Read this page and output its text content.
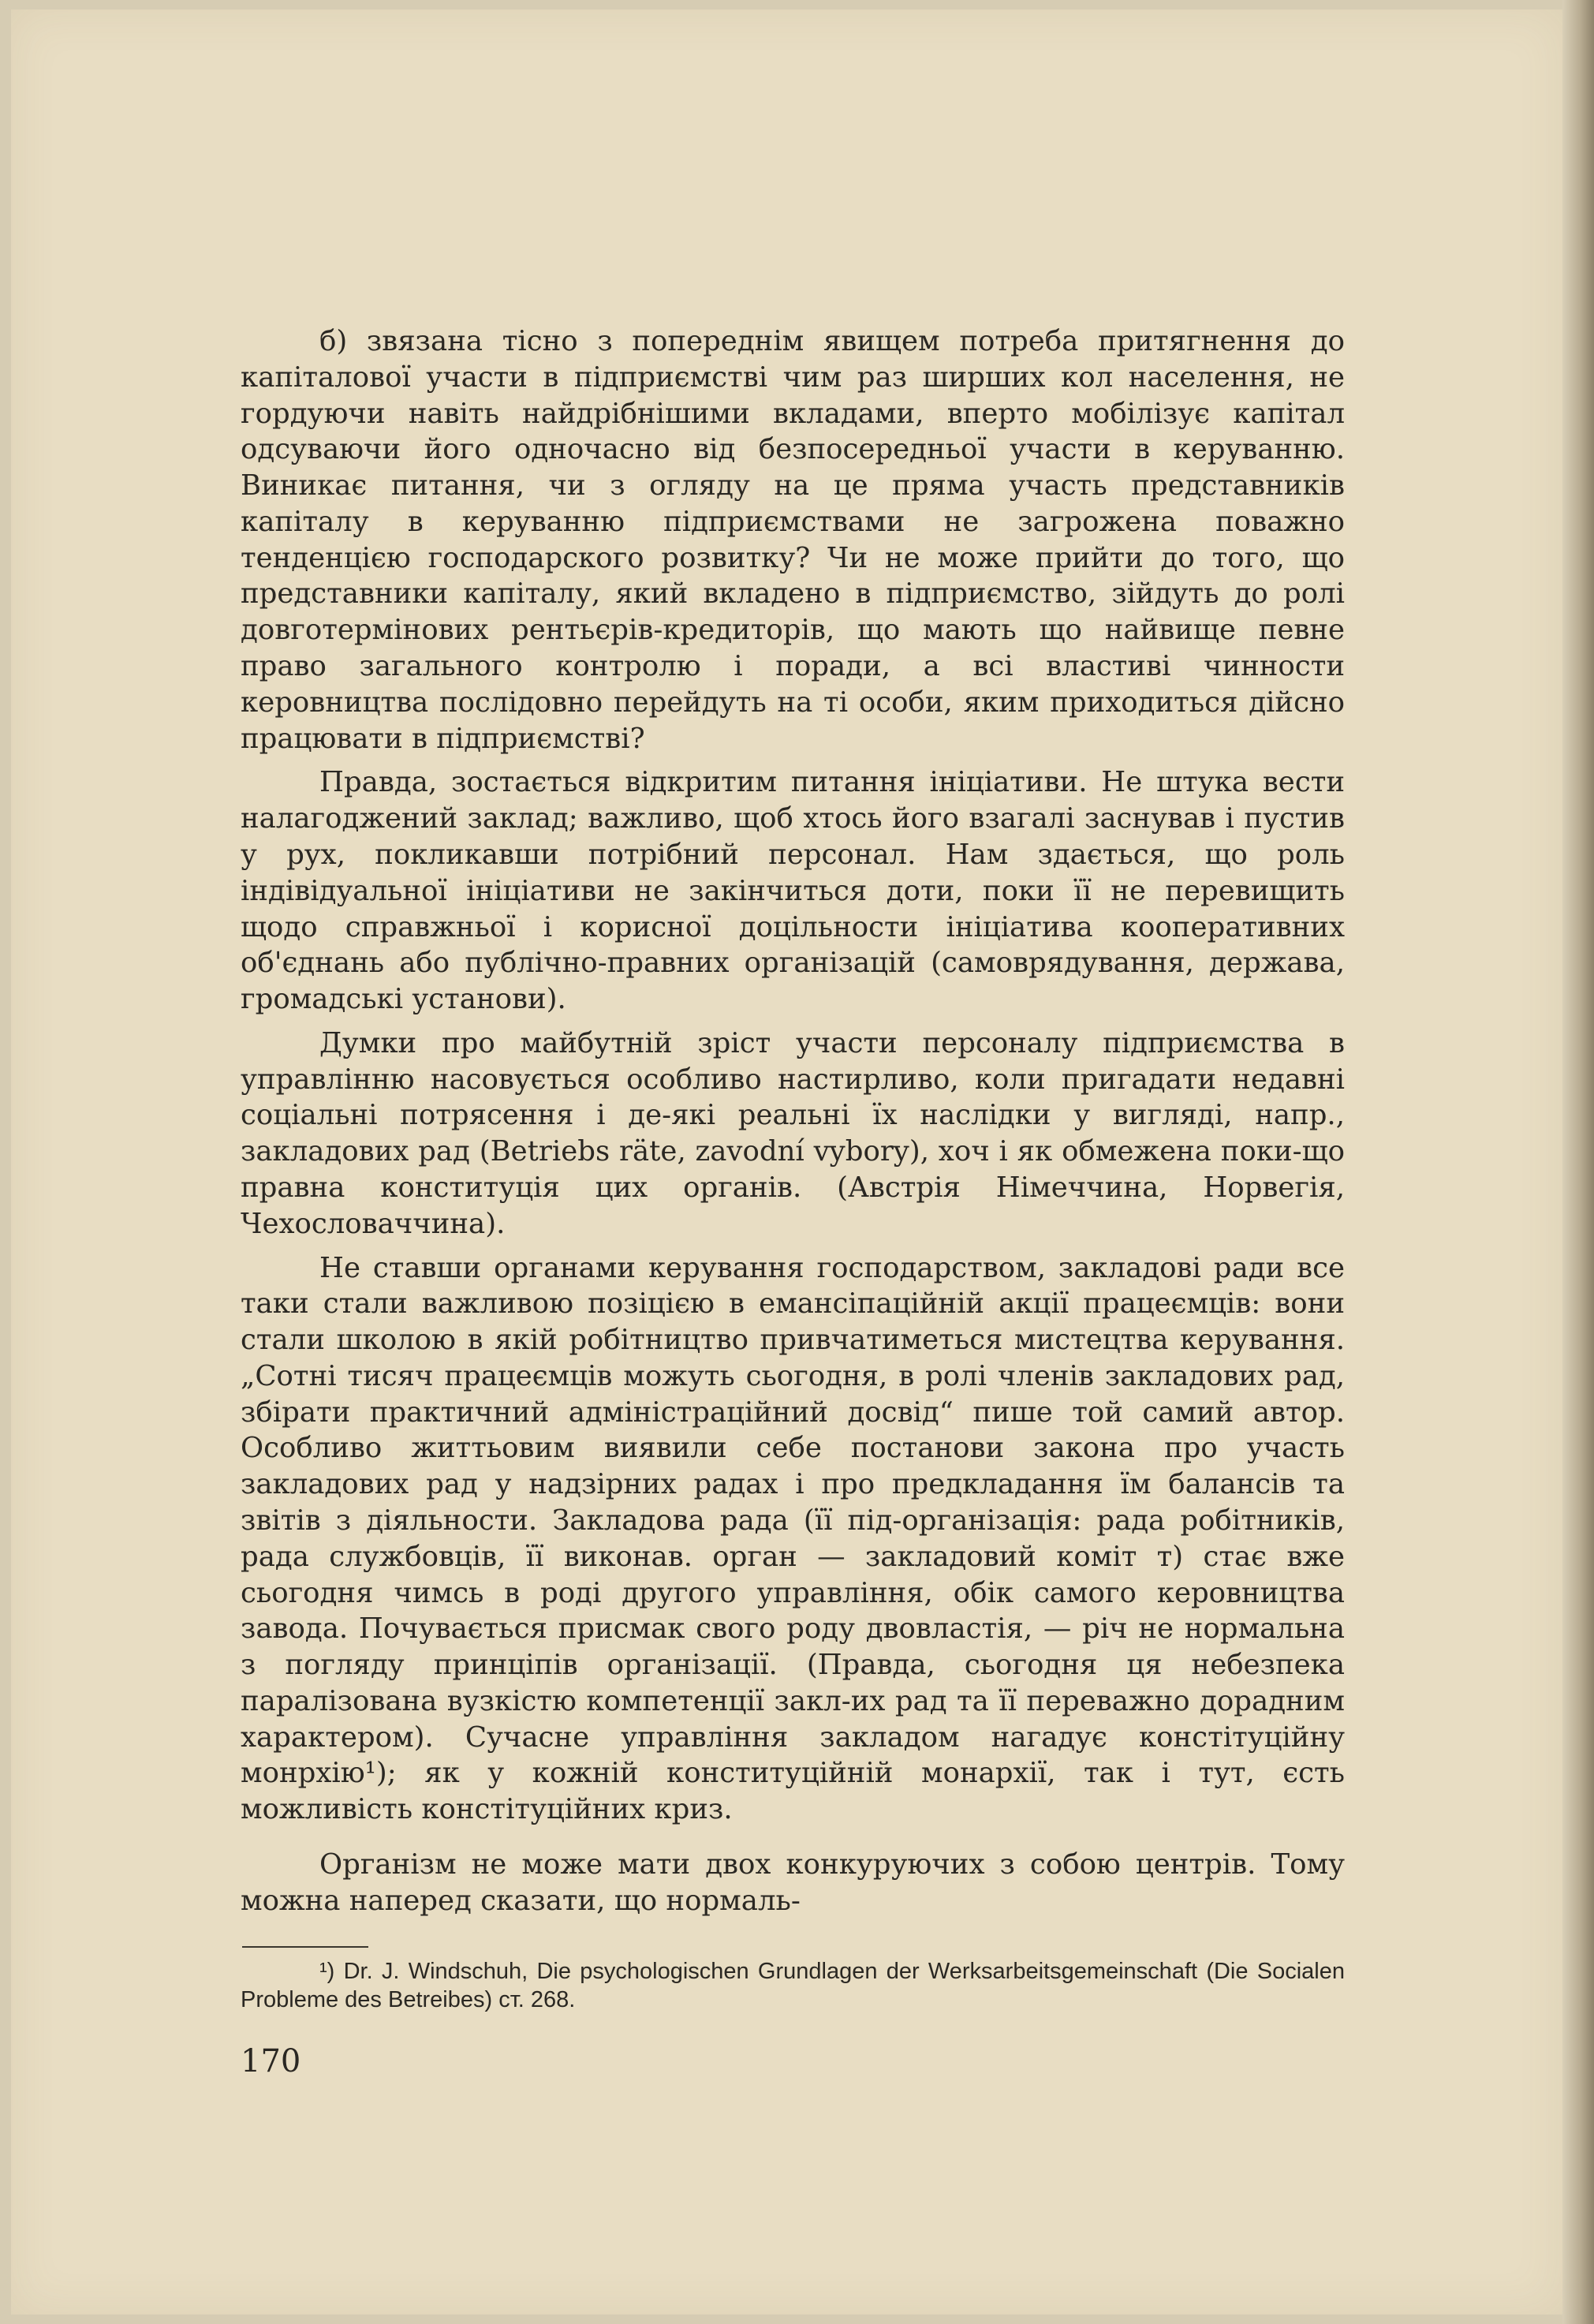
б) звязана тісно з попереднім явищем потреба притягнення до капіталової участи в підприємстві чим раз ширших кол населення, не гордуючи навіть найдрібнішими вкладами, вперто мобілізує капітал одсуваючи його одночасно від безпосередньої участи в керуванню. Виникає питання, чи з огляду на це пряма участь представників капіталу в керуванню підприємствами не загрожена поважно тенденцією господарского розвитку? Чи не може прийти до того, що представники капіталу, який вкладено в підприємство, зійдуть до ролі довготермінових рентьєрів-кредиторів, що мають що найвище певне право загального контролю і поради, а всі властиві чинности керовництва послідовно перейдуть на ті особи, яким приходиться дійсно працювати в підприємстві?

Правда, зостається відкритим питання ініціативи. Не штука вести налагоджений заклад; важливо, щоб хтось його взагалі заснував і пустив у рух, покликавши потрібний персонал. Нам здається, що роль індівідуальної ініціативи не закінчиться доти, поки її не перевищить щодо справжньої і корисної доцільности ініціатива кооперативних об'єднань або публічно-правних організацій (самоврядування, держава, громадські установи).

Думки про майбутній зріст участи персоналу підприємства в управлінню насовується особливо настирливо, коли пригадати недавні соціальні потрясення і де-які реальні їх наслідки у вигляді, напр., закладових рад (Betriebs räte, zavodní vybory), хоч і як обмежена поки-що правна конституція цих органів. (Австрія Німеччина, Норвегія, Чехословаччина).

Не ставши органами керування господарством, закладові ради все таки стали важливою позіцією в емансіпаційній акції працеємців: вони стали школою в якій робітництво привчатиметься мистецтва керування. „Сотні тисяч працеємців можуть сьогодня, в ролі членів закладових рад, збірати практичний адміністраційний досвід“ пише той самий автор. Особливо життьовим виявили себе постанови закона про участь закладових рад у надзірних радах і про предкладання їм балансів та звітів з діяльности. Закладова рада (її під-організація: рада робітників, рада службовців, її виконав. орган — закладовий коміт т) стає вже сьогодня чимсь в роді другого управління, обік самого керовництва завода. Почувається присмак свого роду двовластія, — річ не нормальна з погляду принціпів організації. (Правда, сьогодня ця небезпека паралізована вузкістю компетенції закл-их рад та її переважно дорадним характером). Сучасне управління закладом нагадує констітуційну монрхію¹); як у кожній конституційній монархії, так і тут, єсть можливість констітуційних криз.

Організм не може мати двох конкуруючих з собою центрів. Тому можна наперед сказати, що нормаль-

¹) Dr. J. Windschuh, Die psychologischen Grundlagen der Werksarbeitsgemeinschaft (Die Socialen Probleme des Betreibes) ст. 268.

170
